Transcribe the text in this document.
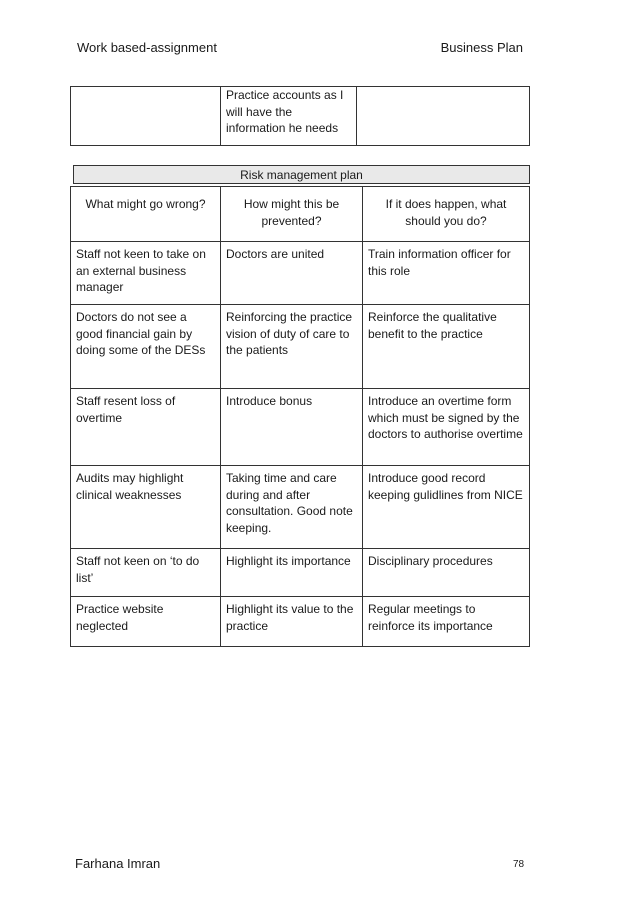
Work based-assignment	Business Plan
	Practice accounts as I will have the information he needs	
Risk management plan
What might go wrong?	How might this be prevented?	If it does happen, what should you do?
Staff not keen to take on an external business manager	Doctors are united	Train information officer for this role
Doctors do not see a good financial gain by doing some of the DESs	Reinforcing the practice vision of duty of care to the patients	Reinforce the qualitative benefit to the practice
Staff resent loss of overtime	Introduce bonus	Introduce an overtime form which must be signed by the doctors to authorise overtime
Audits may highlight clinical weaknesses	Taking time and care during and after consultation. Good note keeping.	Introduce good record keeping gulidlines from NICE
Staff not keen on ‘to do list’	Highlight its importance	Disciplinary procedures
Practice website neglected	Highlight its value to the practice	Regular meetings to reinforce its importance
Farhana Imran	78
